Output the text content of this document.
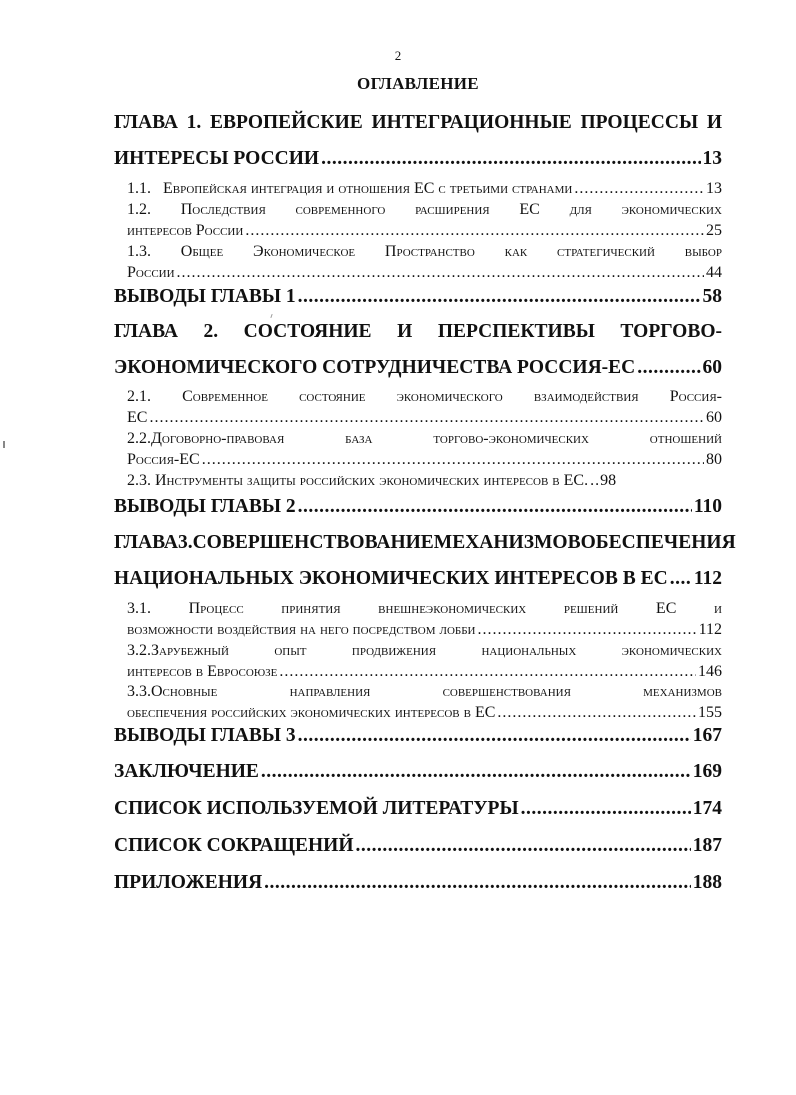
2
ОГЛАВЛЕНИЕ
ГЛАВА 1. ЕВРОПЕЙСКИЕ ИНТЕГРАЦИОННЫЕ ПРОЦЕССЫ И
ИНТЕРЕСЫ РОССИИ .....	13
1.1. Европейская интеграция и отношения ЕС с третьими странами .....	13
1.2. Последствия современного расширения ЕС для экономических
интересов России .....	25
1.3. Общее Экономическое Пространство как стратегический выбор
России .....	44
ВЫВОДЫ ГЛАВЫ 1 .....	58
ГЛАВА 2. СОСТОЯНИЕ И ПЕРСПЕКТИВЫ ТОРГОВО-
ЭКОНОМИЧЕСКОГО СОТРУДНИЧЕСТВА РОССИЯ-ЕС .....	60
2.1. Современное состояние экономического взаимодействия Россия-
ЕС .....	60
2.2.Договорно-правовая	база	торгово-экономических	отношений
Россия-ЕС .....	80
2.3. Инструменты защиты российских экономических интересов в ЕС. ..... 98
ВЫВОДЫ ГЛАВЫ 2 .....	110
ГЛАВА 3. СОВЕРШЕНСТВОВАНИЕ МЕХАНИЗМОВ ОБЕСПЕЧЕНИЯ
НАЦИОНАЛЬНЫХ ЭКОНОМИЧЕСКИХ ИНТЕРЕСОВ В ЕС ..... 112
3.1. Процесс принятия внешнеэкономических решений ЕС и
возможности воздействия на него посредством лобби .....	112
3.2.Зарубежный	опыт	продвижения	национальных	экономических
интересов в Евросоюзе .....	146
3.3.Основные	направления	совершенствования	механизмов
обеспечения российских экономических интересов в ЕС .....	155
ВЫВОДЫ ГЛАВЫ 3 .....	167
ЗАКЛЮЧЕНИЕ .....	169
СПИСОК ИСПОЛЬЗУЕМОЙ ЛИТЕРАТУРЫ .....	174
СПИСОК СОКРАЩЕНИЙ .....	187
ПРИЛОЖЕНИЯ .....	188
